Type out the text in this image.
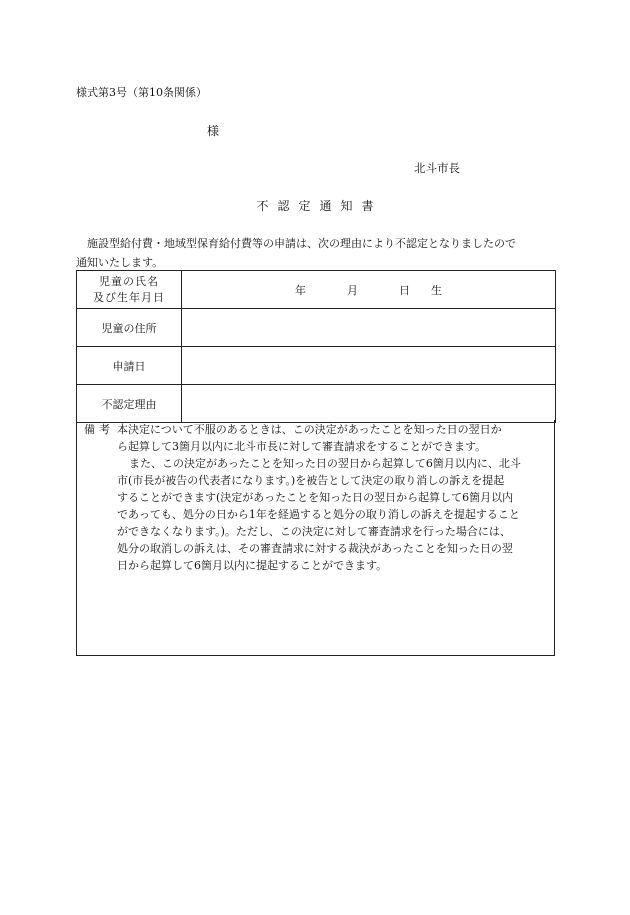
様式第3号（第10条関係）
様
北斗市長
不認定通知書
施設型給付費・地域型保育給付費等の申請は、次の理由により不認定となりましたので
通知いたします。
児童の氏名
及び生年月日	年 月 日 生
児童の住所	
申請日	
不認定理由	
備考 本決定について不服のあるときは、この決定があったことを知った日の翌日か
ら起算して3箇月以内に北斗市長に対して審査請求をすることができます。
また、この決定があったことを知った日の翌日から起算して6箇月以内に、北斗
市(市長が被告の代表者になります。)を被告として決定の取り消しの訴えを提起
することができます(決定があったことを知った日の翌日から起算して6箇月以内
であっても、処分の日から1年を経過すると処分の取り消しの訴えを提起すること
ができなくなります。)。ただし、この決定に対して審査請求を行った場合には、
処分の取消しの訴えは、その審査請求に対する裁決があったことを知った日の翌
日から起算して6箇月以内に提起することができます。
